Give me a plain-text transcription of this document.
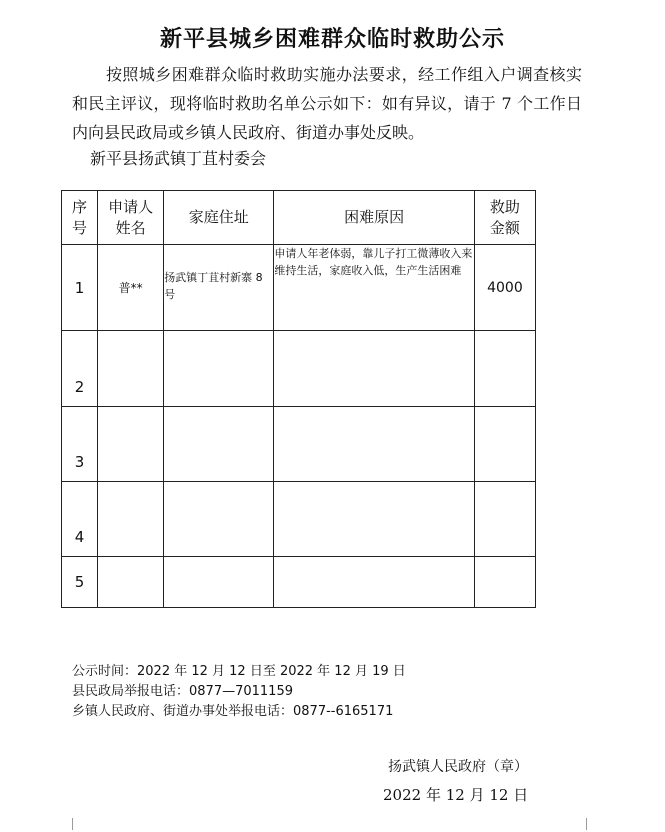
新平县城乡困难群众临时救助公示
按照城乡困难群众临时救助实施办法要求，经工作组入户调查核实和民主评议，现将临时救助名单公示如下：如有异议，请于 7 个工作日内向县民政局或乡镇人民政府、街道办事处反映。
新平县扬武镇丁苴村委会
序号	申请人姓名	家庭住址	困难原因	救助金额
1	普**	扬武镇丁苴村新寨 8 号	申请人年老体弱，靠儿子打工微薄收入来维持生活，家庭收入低，生产生活困难	4000
2				
3				
4				
5				
公示时间：2022 年 12 月 12 日至 2022 年 12 月 19 日
县民政局举报电话：0877—7011159
乡镇人民政府、街道办事处举报电话：0877--6165171
扬武镇人民政府（章）
2022 年 12 月 12 日
